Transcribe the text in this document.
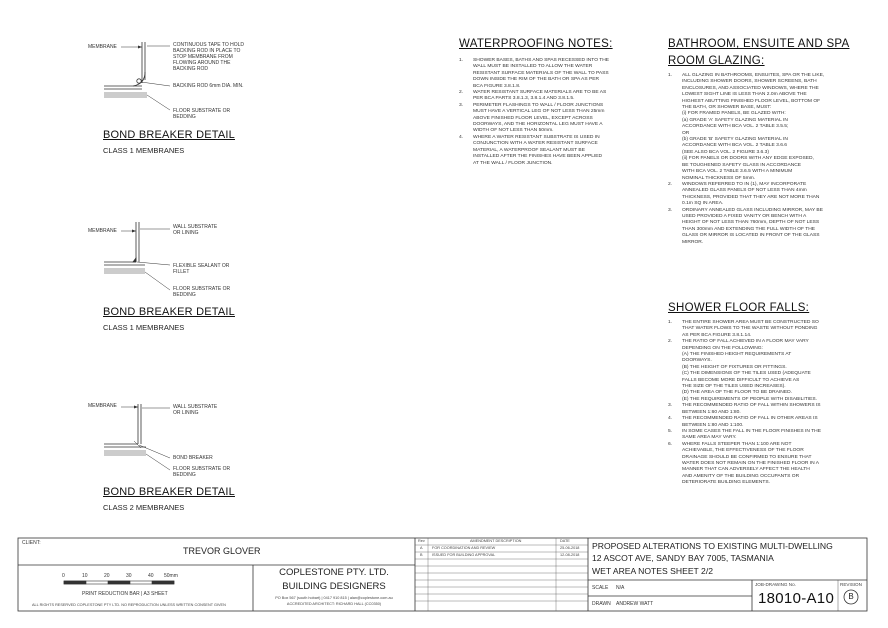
MEMBRANE	CONTINUOUS TAPE TO HOLD
BACKING ROD IN PLACE TO
STOP MEMBRANE FROM
FLOWING AROUND THE
BACKING ROD
BACKING ROD 6mm DIA. MIN.
FLOOR SUBSTRATE OR
BEDDING
BOND BREAKER DETAIL
CLASS 1 MEMBRANES
MEMBRANE
WALL SUBSTRATE
OR LINING
FLEXIBLE SEALANT OR
FILLET
FLOOR SUBSTRATE OR
BEDDING
BOND BREAKER DETAIL
CLASS 1 MEMBRANES
MEMBRANE	WALL SUBSTRATE
OR LINING
BOND BREAKER
FLOOR SUBSTRATE OR
BEDDING
BOND BREAKER DETAIL
CLASS 2 MEMBRANES
WATERPROOFING NOTES:
1. SHOWER BASES, BATHS AND SPAS RECESSED INTO THE
WALL MUST BE INSTALLED TO ALLOW THE WATER
RESISTANT SURFACE MATERIALS OF THE WALL TO PASS
DOWN INSIDE THE RIM OF THE BATH OR SPA AS PER
BCA FIGURE 3.8.1.8.
2. WATER RESISTANT SURFACE MATERIALS ARE TO BE AS
PER BCA PARTS 3.8.1.3, 3.8.1.4 AND 3.8.1.5.
3. PERIMETER FLASHINGS TO WALL / FLOOR JUNCTIONS
MUST HAVE A VERTICAL LEG OF NOT LESS THAN 25mm
ABOVE FINISHED FLOOR LEVEL, EXCEPT ACROSS
DOORWAYS, AND THE HORIZONTAL LEG MUST HAVE A
WIDTH OF NOT LESS THAN 50mm.
4. WHERE A WATER RESISTANT SUBSTRATE IS USED IN
CONJUNCTION WITH A WATER RESISTANT SURFACE
MATERIAL, A WATERPROOF SEALANT MUST BE
INSTALLED AFTER THE FINISHES HAVE BEEN APPLIED
AT THE WALL / FLOOR JUNCTION.
BATHROOM, ENSUITE AND SPA
ROOM GLAZING:
1. ALL GLAZING IN BATHROOMS, ENSUITES, SPA OR THE LIKE,
INCLUDING SHOWER DOORS, SHOWER SCREENS, BATH
ENCLOSURES, AND ASSOCIATED WINDOWS, WHERE THE
LOWEST SIGHT LINE IS LESS THAN 2.0m ABOVE THE
HIGHEST ABUTTING FINISHED FLOOR LEVEL, BOTTOM OF
THE BATH, OR SHOWER BASE, MUST:
(i) FOR FRAMED PANELS, BE GLAZED WITH:
(a) GRADE 'A' SAFETY GLAZING MATERIAL IN
ACCORDANCE WITH BCA VOL. 2 TABLE 3.5.5;
OR
(b) GRADE 'B' SAFETY GLAZING MATERIAL IN
ACCORDANCE WITH BCA VOL. 2 TABLE 3.6.6
(SEE ALSO BCA VOL. 2 FIGURE 3.6.3)
(ii) FOR PANELS OR DOORS WITH ANY EDGE EXPOSED,
BE TOUGHENED SAFETY GLASS IN ACCORDANCE
WITH BCA VOL. 2 TABLE 3.6.5 WITH A MINIMUM
NOMINAL THICKNESS OF 5mm.
2. WINDOWS REFERRED TO IN (1), MAY INCORPORATE
ANNEALED GLASS PANELS OF NOT LESS THAN 4mm
THICKNESS, PROVIDED THAT THEY ARE NOT MORE THAN
0.1m SQ IN AREA.
3. ORDINARY ANNEALED GLASS INCLUDING MIRROR, MAY BE
USED PROVIDED A FIXED VANITY OR BENCH WITH A
HEIGHT OF NOT LESS THAN 760mm, DEPTH OF NOT LESS
THAN 300mm AND EXTENDING THE FULL WIDTH OF THE
GLASS OR MIRROR IS LOCATED IN FRONT OF THE GLASS
MIRROR.
SHOWER FLOOR FALLS:
1. THE ENTIRE SHOWER AREA MUST BE CONSTRUCTED SO
THAT WATER FLOWS TO THE WASTE WITHOUT PONDING
AS PER BCA FIGURE 3.8.1.14.
2. THE RATIO OF FALL ACHIEVED IN A FLOOR MAY VARY
DEPENDING ON THE FOLLOWING:
(A) THE FINISHED HEIGHT REQUIREMENTS AT
DOORWAYS.
(B) THE HEIGHT OF FIXTURES OR FITTINGS.
(C) THE DIMENSIONS OF THE TILES USED (ADEQUATE
FALLS BECOME MORE DIFFICULT TO ACHIEVE AS
THE SIZE OF THE TILES USED INCREASES).
(D) THE AREA OF THE FLOOR TO BE DRAINED.
(E) THE REQUIREMENTS OF PEOPLE WITH DISABILITIES.
3. THE RECOMMENDED RATIO OF FALL WITHIN SHOWERS IS
BETWEEN 1:60 AND 1:80.
4. THE RECOMMENDED RATIO OF FALL IN OTHER AREAS IS
BETWEEN 1:80 AND 1:100.
5. IN SOME CASES THE FALL IN THE FLOOR FINISHES IN THE
SAME AREA MAY VARY.
6. WHERE FALLS STEEPER THAN 1:100 ARE NOT
ACHIEVABLE, THE EFFECTIVENESS OF THE FLOOR
DRAINAGE SHOULD BE CONFIRMED TO ENSURE THAT
WATER DOES NOT REMAIN ON THE FINISHED FLOOR IN A
MANNER THAT CAN ADVERSELY AFFECT THE HEALTH
AND AMENITY OF THE BUILDING OCCUPANTS OR
DETERIORATE BUILDING ELEMENTS.
CLIENT:
TREVOR GLOVER
0	10	20	30	40 50mm
PRINT REDUCTION BAR | A3 SHEET
ALL RIGHTS RESERVED COPLESTONE PTY LTD. NO REPRODUCTION UNLESS WRITTEN CONSENT GIVEN
COPLESTONE PTY. LTD.
BUILDING DESIGNERS
PO Box 567 (south hobart) | 0417 910 815 | alan@coplestone.com.au
ACCREDITED ARCHITECT: RICHARD HALL (CC0350)
Rev	AMENDMENT DESCRIPTION	DATE
A FOR COORDINATION AND REVIEW	25-06-2018
B ISSUED FOR BUILDING APPROVAL	12-08-2018
PROPOSED ALTERATIONS TO EXISTING MULTI-DWELLING
12 ASCOT AVE, SANDY BAY 7005, TASMANIA
WET AREA NOTES SHEET 2/2
SCALE N/A
DRAWN ANDREW WATT
JOB-DRAWING No.	REVISION
18010-A10	B
